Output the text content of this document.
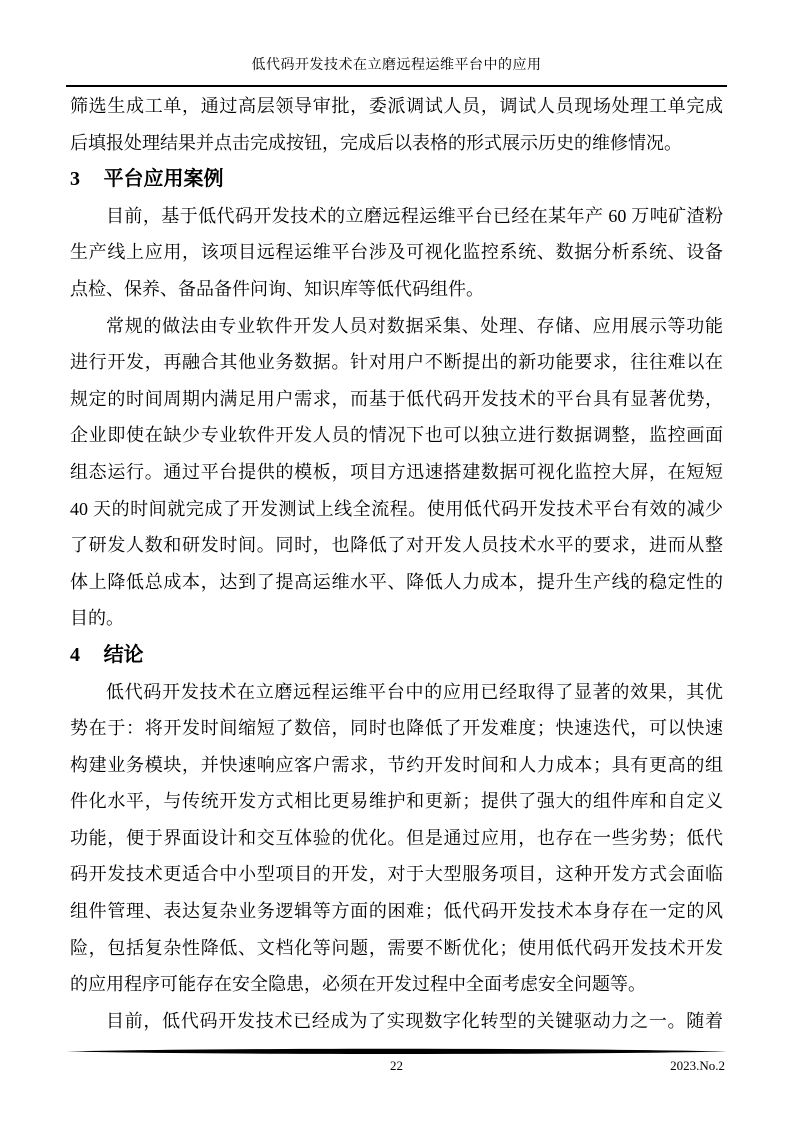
低代码开发技术在立磨远程运维平台中的应用
筛选生成工单，通过高层领导审批，委派调试人员，调试人员现场处理工单完成
后填报处理结果并点击完成按钮，完成后以表格的形式展示历史的维修情况。
3 平台应用案例
目前，基于低代码开发技术的立磨远程运维平台已经在某年产 60 万吨矿渣粉
生产线上应用，该项目远程运维平台涉及可视化监控系统、数据分析系统、设备
点检、保养、备品备件问询、知识库等低代码组件。
常规的做法由专业软件开发人员对数据采集、处理、存储、应用展示等功能
进行开发，再融合其他业务数据。针对用户不断提出的新功能要求，往往难以在
规定的时间周期内满足用户需求，而基于低代码开发技术的平台具有显著优势，
企业即使在缺少专业软件开发人员的情况下也可以独立进行数据调整，监控画面
组态运行。通过平台提供的模板，项目方迅速搭建数据可视化监控大屏，在短短
40 天的时间就完成了开发测试上线全流程。使用低代码开发技术平台有效的减少
了研发人数和研发时间。同时，也降低了对开发人员技术水平的要求，进而从整
体上降低总成本，达到了提高运维水平、降低人力成本，提升生产线的稳定性的
目的。
4 结论
低代码开发技术在立磨远程运维平台中的应用已经取得了显著的效果，其优
势在于：将开发时间缩短了数倍，同时也降低了开发难度；快速迭代，可以快速
构建业务模块，并快速响应客户需求，节约开发时间和人力成本；具有更高的组
件化水平，与传统开发方式相比更易维护和更新；提供了强大的组件库和自定义
功能，便于界面设计和交互体验的优化。但是通过应用，也存在一些劣势；低代
码开发技术更适合中小型项目的开发，对于大型服务项目，这种开发方式会面临
组件管理、表达复杂业务逻辑等方面的困难；低代码开发技术本身存在一定的风
险，包括复杂性降低、文档化等问题，需要不断优化；使用低代码开发技术开发
的应用程序可能存在安全隐患，必须在开发过程中全面考虑安全问题等。
目前，低代码开发技术已经成为了实现数字化转型的关键驱动力之一。随着
22	2023.No.2
